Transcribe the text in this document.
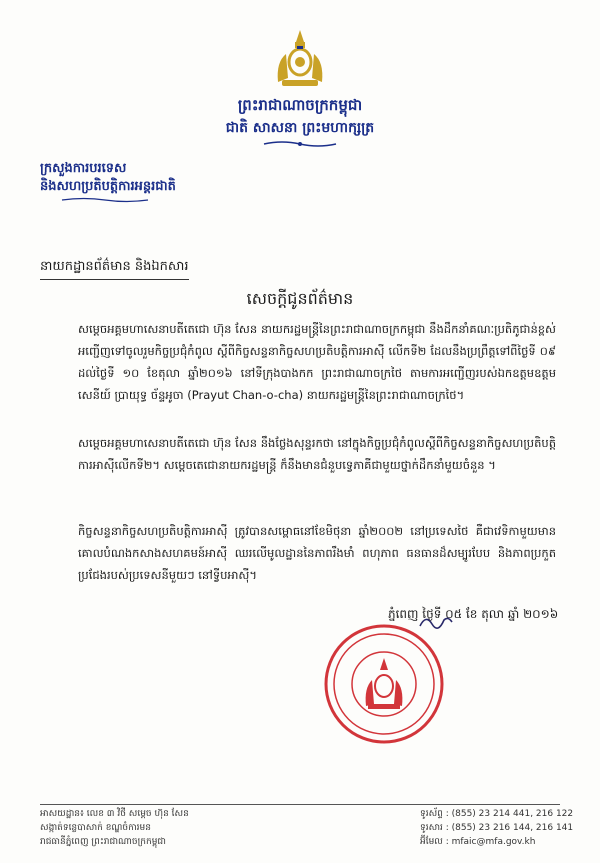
ព្រះរាជាណាចក្រកម្ពុជា
ជាតិ សាសនា ព្រះមហាក្សត្រ
ក្រសួងការបរទេស
និងសហប្រតិបត្តិការអន្តរជាតិ
នាយកដ្ឋានព័ត៌មាន និងឯកសារ
សេចក្ដីជូនព័ត៌មាន
សម្ដេចអគ្គមហាសេនាបតីតេជោ ហ៊ុន សែន នាយករដ្ឋមន្ត្រីនៃព្រះរាជាណាចក្រកម្ពុជា នឹងដឹកនាំគណៈប្រតិភូជាន់ខ្ពស់ អញ្ជើញទៅចូលរួមកិច្ចប្រជុំកំពូល ស្ដីពីកិច្ចសន្ទនាកិច្ចសហប្រតិបត្តិការអាស៊ី លើកទី២ ដែលនឹងប្រព្រឹត្តទៅពីថ្ងៃទី ០៩ ដល់ថ្ងៃទី ១០ ខែតុលា ឆ្នាំ២០១៦ នៅទីក្រុងបាងកក ព្រះរាជាណាចក្រថៃ តាមការអញ្ជើញរបស់ឯកឧត្ដមឧត្ដមសេនីយ៍ ប្រាយុទ្ធ ច័ន្ទអូចា (Prayut Chan-o-cha) នាយករដ្ឋមន្ត្រីនៃព្រះរាជាណាចក្រថៃ។
សម្ដេចអគ្គមហាសេនាបតីតេជោ ហ៊ុន សែន នឹងថ្លែងសុន្ទរកថា នៅក្នុងកិច្ចប្រជុំកំពូលស្ដីពីកិច្ចសន្ទនាកិច្ចសហប្រតិបត្តិការអាស៊ីលើកទី២។ សម្ដេចតេជោនាយករដ្ឋមន្ត្រី ក៏នឹងមានជំនួបទ្វេភាគីជាមួយថ្នាក់ដឹកនាំមួយចំនួន ។
កិច្ចសន្ទនាកិច្ចសហប្រតិបត្តិការអាស៊ី ត្រូវបានសម្ពោធនៅខែមិថុនា ឆ្នាំ២០០២ នៅប្រទេសថៃ គឺជាវេទិកាមួយមានគោលបំណងកសាងសហគមន៍អាស៊ី ឈរលើមូលដ្ឋាននៃភាពរឹងមាំ ពហុភាព ធនធានដ៏សម្បូរបែប និងភាពប្រកួតប្រជែងរបស់ប្រទេសនីមួយៗ នៅទ្វីបអាស៊ី។
ភ្នំពេញ ថ្ងៃទី ០៥ ខែ តុលា ឆ្នាំ ២០១៦
អាសយដ្ឋាន៖ លេខ ៣ វិថី សម្ដេច ហ៊ុន សែន
សង្កាត់ទន្លេបាសាក់ ខណ្ឌចំការមន
រាជធានីភ្នំពេញ ព្រះរាជាណាចក្រកម្ពុជា
ទូរស័ព្ទ : (855) 23 214 441, 216 122
ទូរសារ : (855) 23 216 144, 216 141
អ៊ីមែល : mfaic@mfa.gov.kh
